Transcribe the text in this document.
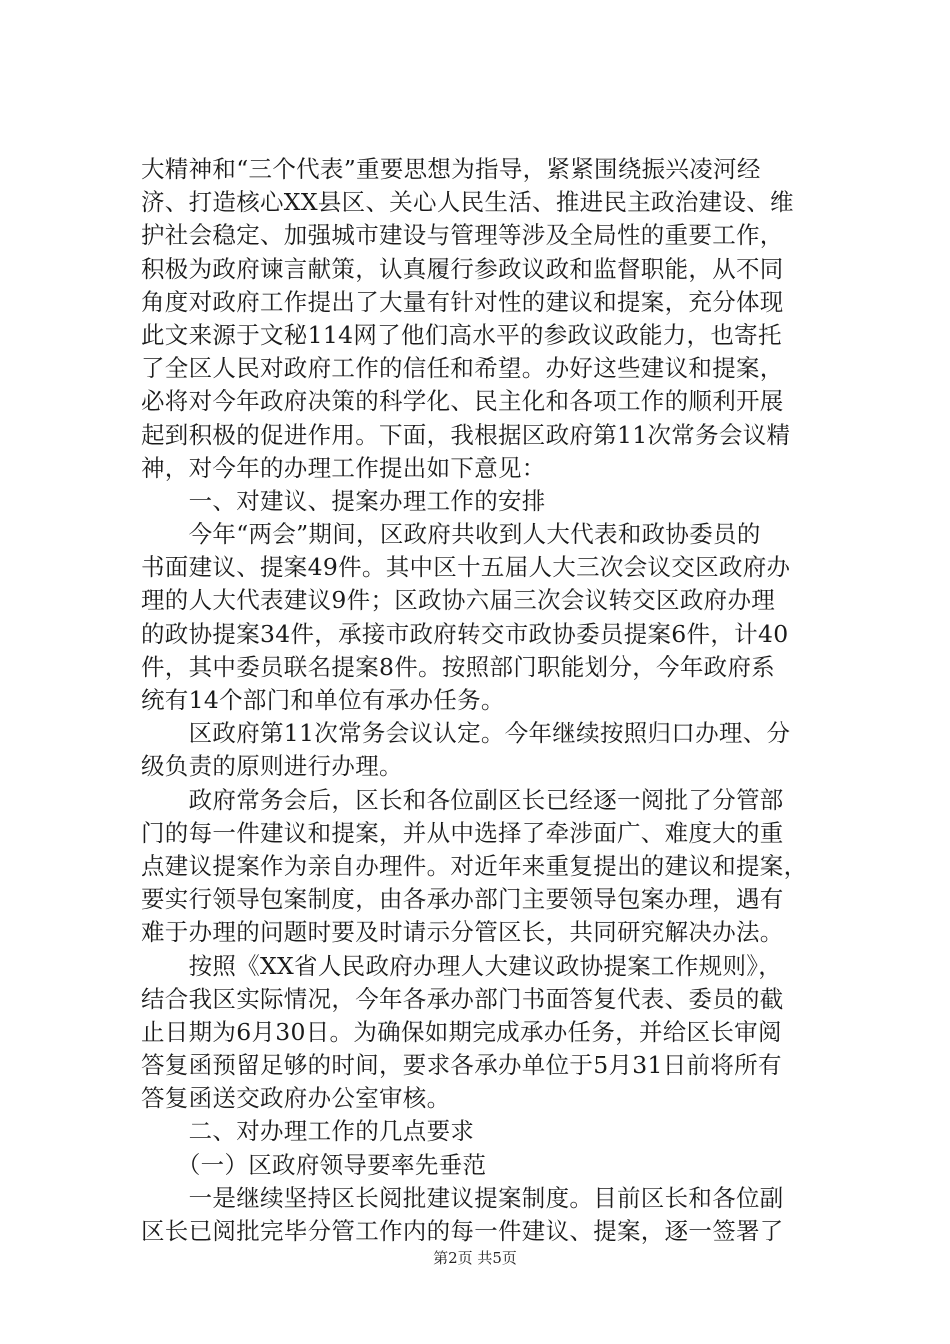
大精神和“三个代表”重要思想为指导，紧紧围绕振兴凌河经
济、打造核心XX县区、关心人民生活、推进民主政治建设、维
护社会稳定、加强城市建设与管理等涉及全局性的重要工作，
积极为政府谏言献策，认真履行参政议政和监督职能，从不同
角度对政府工作提出了大量有针对性的建议和提案，充分体现
此文来源于文秘114网了他们高水平的参政议政能力，也寄托
了全区人民对政府工作的信任和希望。办好这些建议和提案，
必将对今年政府决策的科学化、民主化和各项工作的顺利开展
起到积极的促进作用。下面，我根据区政府第11次常务会议精
神，对今年的办理工作提出如下意见：
　　一、对建议、提案办理工作的安排
　　今年“两会”期间，区政府共收到人大代表和政协委员的
书面建议、提案49件。其中区十五届人大三次会议交区政府办
理的人大代表建议9件；区政协六届三次会议转交区政府办理
的政协提案34件，承接市政府转交市政协委员提案6件，计40
件，其中委员联名提案8件。按照部门职能划分，今年政府系
统有14个部门和单位有承办任务。
　　区政府第11次常务会议认定。今年继续按照归口办理、分
级负责的原则进行办理。
　　政府常务会后，区长和各位副区长已经逐一阅批了分管部
门的每一件建议和提案，并从中选择了牵涉面广、难度大的重
点建议提案作为亲自办理件。对近年来重复提出的建议和提案，
要实行领导包案制度，由各承办部门主要领导包案办理，遇有
难于办理的问题时要及时请示分管区长，共同研究解决办法。
　　按照《XX省人民政府办理人大建议政协提案工作规则》，
结合我区实际情况，今年各承办部门书面答复代表、委员的截
止日期为6月30日。为确保如期完成承办任务，并给区长审阅
答复函预留足够的时间，要求各承办单位于5月31日前将所有
答复函送交政府办公室审核。
　　二、对办理工作的几点要求
　　（一）区政府领导要率先垂范
　　一是继续坚持区长阅批建议提案制度。目前区长和各位副
区长已阅批完毕分管工作内的每一件建议、提案，逐一签署了
第2页 共5页
